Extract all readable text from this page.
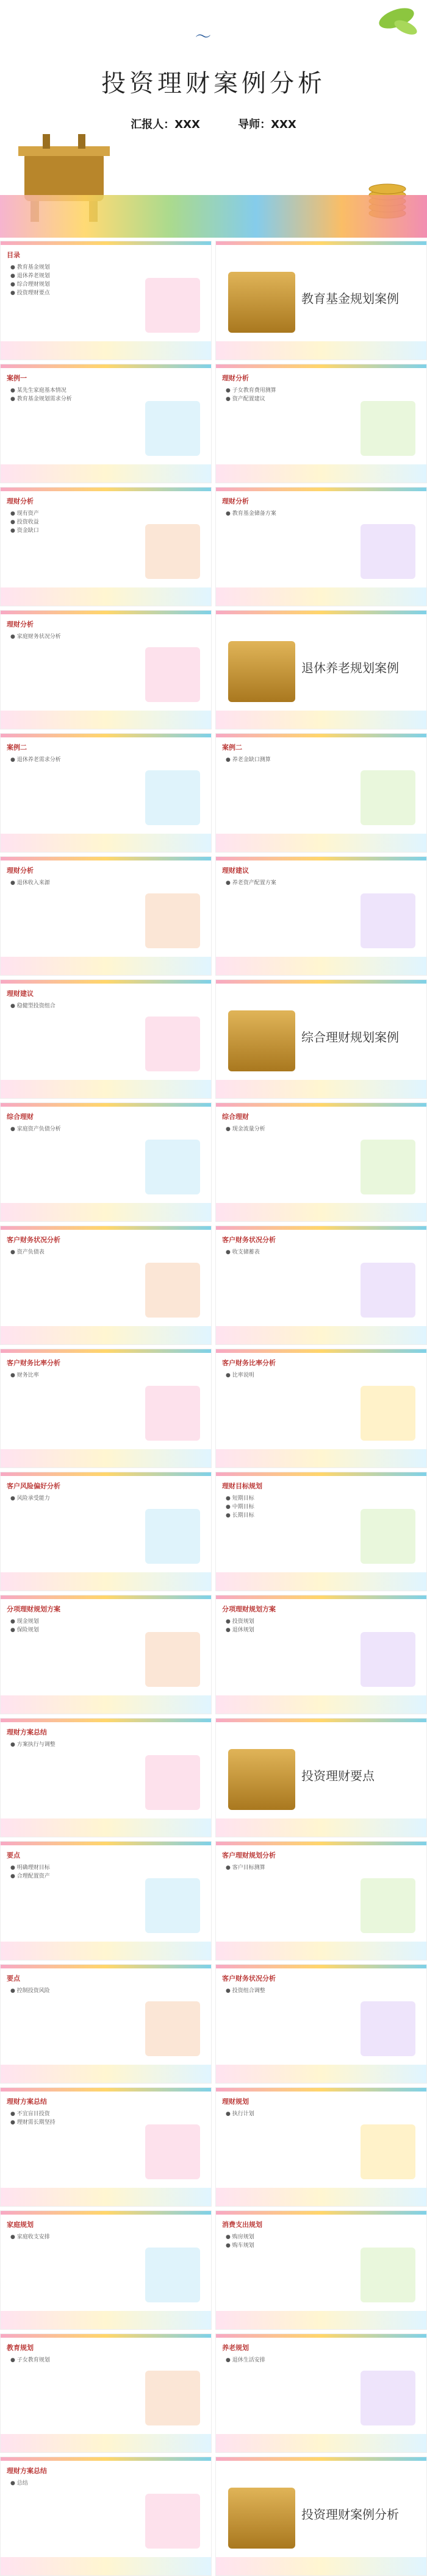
〜
投资理财案例分析
汇报人：XXX	导师：XXX
目录
● 教育基金规划
● 退休养老规划
● 综合理财规划
● 投资理财要点	教育基金规划案例
案例一
● 某先生家庭基本情况
● 教育基金规划需求分析
理财分析
● 子女教育费用测算
● 资产配置建议
理财分析
● 现有资产
● 投资收益
● 资金缺口
理财分析
● 教育基金储备方案
理财分析
● 家庭财务状况分析
退休养老规划案例
案例二
● 退休养老需求分析
案例二
● 养老金缺口测算
理财分析
● 退休收入来源
理财建议
● 养老资产配置方案
理财建议
● 稳健型投资组合
综合理财规划案例
综合理财
● 家庭资产负债分析
综合理财
● 现金流量分析
客户财务状况分析
● 资产负债表
客户财务状况分析
● 收支储蓄表
客户财务比率分析
● 财务比率
客户财务比率分析
● 比率说明
客户风险偏好分析
● 风险承受能力
理财目标规划
● 短期目标
● 中期目标
● 长期目标
分项理财规划方案
● 现金规划
● 保险规划
分项理财规划方案
● 投资规划
● 退休规划
理财方案总结
● 方案执行与调整
投资理财要点
要点
● 明确理财目标
● 合理配置资产
客户理财规划分析
● 客户目标测算
要点
● 控制投资风险
客户财务状况分析
● 投资组合调整
理财方案总结
● 不宜盲目投资
● 理财需长期坚持
理财规划
● 执行计划
家庭规划
● 家庭收支安排
消费支出规划
● 购房规划
● 购车规划
教育规划
● 子女教育规划
养老规划
● 退休生活安排
理财方案总结
● 总结
投资理财案例分析
